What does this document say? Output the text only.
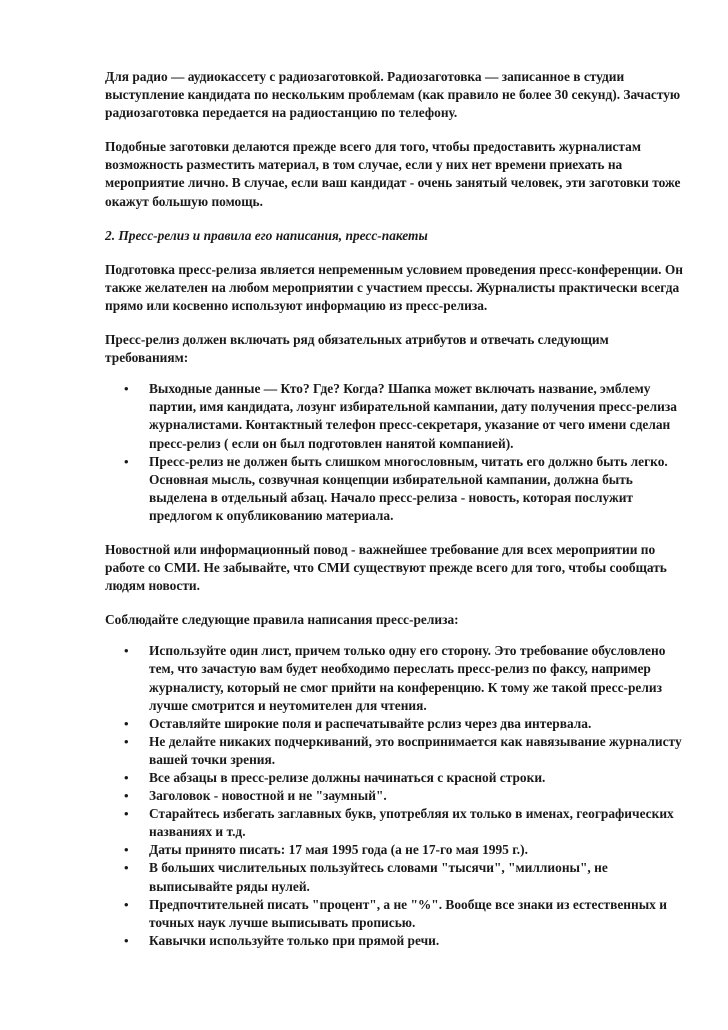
Для радио — аудиокассету с радиозаготовкой. Радиозаготовка — записанное в студии выступление кандидата по нескольким проблемам (как правило не более 30 секунд). Зачастую радиозаготовка передается на радиостанцию по телефону.

Подобные заготовки делаются прежде всего для того, чтобы предоставить журналистам возможность разместить материал, в том случае, если у них нет времени приехать на мероприятие лично. В случае, если ваш кандидат - очень занятый человек, эти заготовки тоже окажут большую помощь.

2. Пресс-релиз и правила его написания, пресс-пакеты

Подготовка пресс-релиза является непременным условием проведения пресс-конференции. Он также желателен на любом мероприятии с участием прессы. Журналисты практически всегда прямо или косвенно используют информацию из пресс-релиза.

Пресс-релиз должен включать ряд обязательных атрибутов и отвечать следующим требованиям:

• Выходные данные — Кто? Где? Когда? Шапка может включать название, эмблему партии, имя кандидата, лозунг избирательной кампании, дату получения пресс-релиза журналистами. Контактный телефон пресс-секретаря, указание от чего имени сделан пресс-релиз ( если он был подготовлен нанятой компанией).
• Пресс-релиз не должен быть слишком многословным, читать его должно быть легко. Основная мысль, созвучная концепции избирательной кампании, должна быть выделена в отдельный абзац. Начало пресс-релиза - новость, которая послужит предлогом к опубликованию материала.

Новостной или информационный повод - важнейшее требование для всех мероприятии по работе со СМИ. Не забывайте, что СМИ существуют прежде всего для того, чтобы сообщать людям новости.

Соблюдайте следующие правила написания пресс-релиза:

• Используйте один лист, причем только одну его сторону. Это требование обусловлено тем, что зачастую вам будет необходимо переслать пресс-релиз по факсу, например журналисту, который не смог прийти на конференцию. К тому же такой пресс-релиз лучше смотрится и неутомителен для чтения.
• Оставляйте широкие поля и распечатывайте рслиз через два интервала.
• Не делайте никаких подчеркиваний, это воспринимается как навязывание журналисту вашей точки зрения.
• Все абзацы в пресс-релизе должны начинаться с красной строки.
• Заголовок - новостной и не "заумный".
• Старайтесь избегать заглавных букв, употребляя их только в именах, географических названиях и т.д.
• Даты принято писать: 17 мая 1995 года (а не 17-го мая 1995 г.).
• В больших числительных пользуйтесь словами "тысячи", "миллионы", не выписывайте ряды нулей.
• Предпочтительней писать "процент", а не "%". Вообще все знаки из естественных и точных наук лучше выписывать прописью.
• Кавычки используйте только при прямой речи.
